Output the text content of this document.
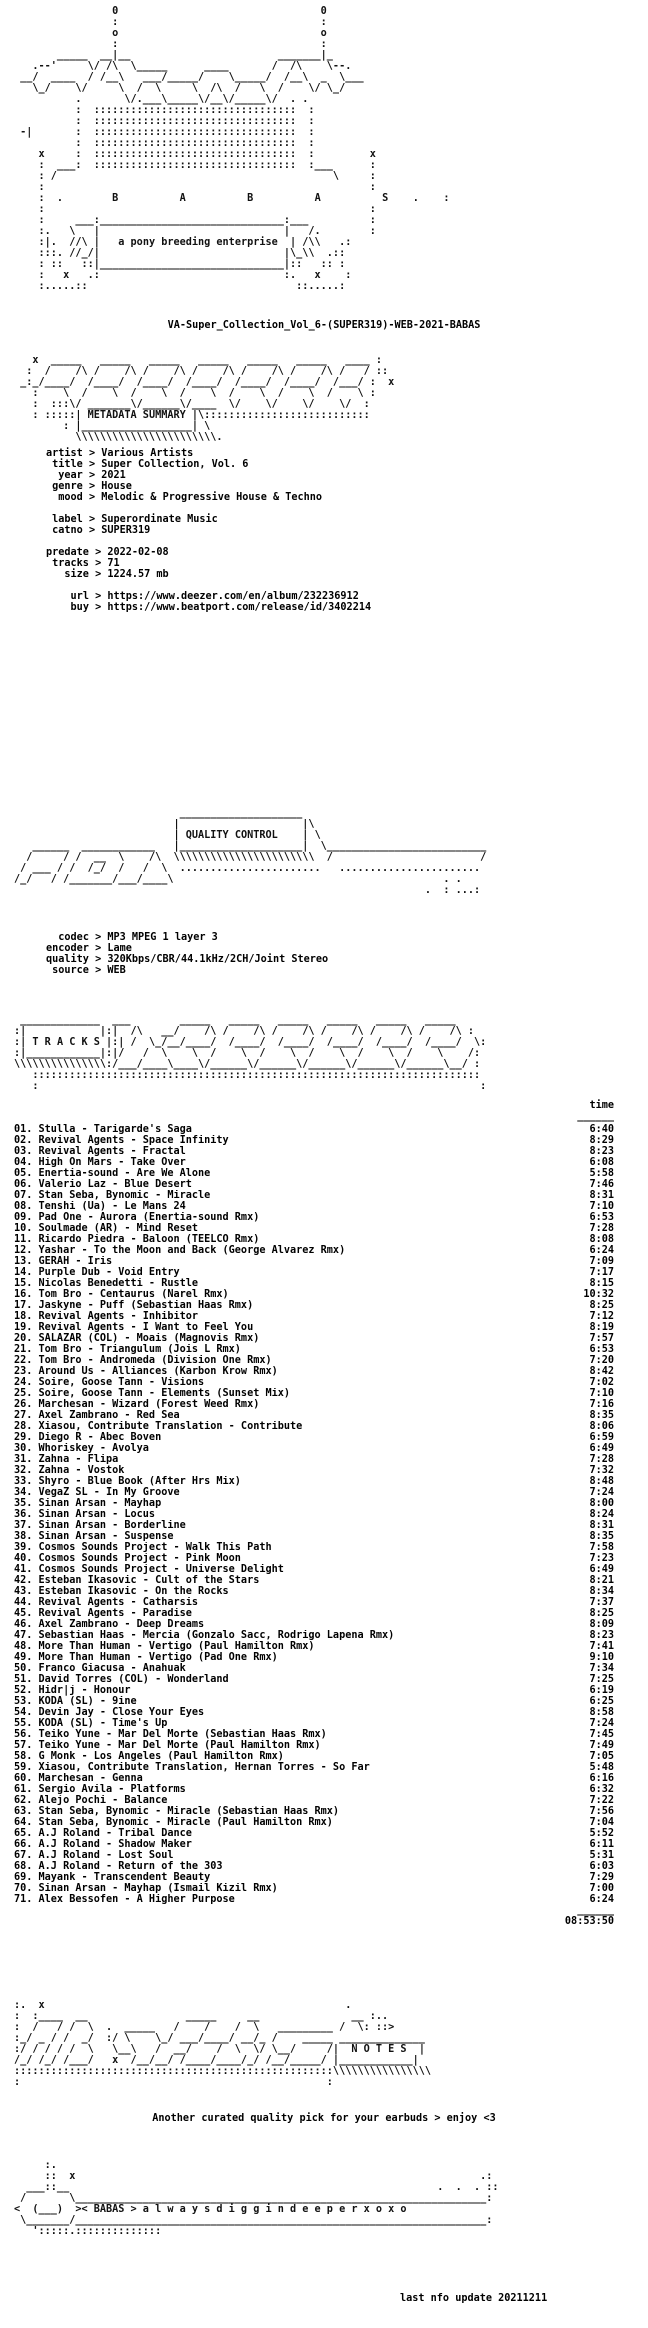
0                                 0
:                                 :
o                                 o
:                                 :
_____  __|__                        _______|_
.--'     \/ /\  \_____      ____       /  /\    \--.
__/  ____  / /__\   ___/_____/    \_____/  /__\  _  \___
\_/    \/     \  /  \     \  /\  /   \  /    \/ \_/
.       \/.___\_____\/__\/_____\/  . .
:  :::::::::::::::::::::::::::::::::  :
:  :::::::::::::::::::::::::::::::::  :
-|       :  :::::::::::::::::::::::::::::::::  :
:  :::::::::::::::::::::::::::::::::  :
x     :  :::::::::::::::::::::::::::::::::  :         x
:  ___:  :::::::::::::::::::::::::::::::::  :___      :
: /                                             \     :
:                                                     :
:  .	B	A	B	A	S    .    :
:                                                     :
:     ___:______________________________:___          :
:.   \   |                              |   /.        :
:|.  //\ |   a pony breeding enterprise  | /\\   .:
:::. //_/|                              |\_\\  .::
: ::   ::|______________________________|::   :: :
:   x   .:                              :.   x    :
:.....::                                  ::.....:
VA-Super_Collection_Vol_6-(SUPER319)-WEB-2021-BABAS
x  _____   _____   _____   _____   _____   _____   ____ :
:  /    /\ /    /\ /    /\ /    /\ /    /\ /    /\ /   / ::
_:_/____/  /____/  /____/  /____/  /____/  /____/  /___/ :  x
:    \  /    \  /    \  /    \  /    \  /    \  /    \ :
:  :::\/ _______\/______\/____  \/    \/    \/    \/  :
: :::::| METADATA SUMMARY |\:::::::::::::::::::::::::::
: |__________________| \
\\\\\\\\\\\\\\\\\\\\\\\.
artist > Various Artists
title > Super Collection, Vol. 6
year > 2021
genre > House
mood > Melodic & Progressive House & Techno

label > Superordinate Music
catno > SUPER319

predate > 2022-02-08
tracks > 71
size > 1224.57 mb

url > https://www.deezer.com/en/album/232236912
buy > https://www.beatport.com/release/id/3402214
____________________
|                    |\
| QUALITY CONTROL    | \
______  ____________   |____________________|  \__________________________
/     / /  __  \    /\  \\\\\\\\\\\\\\\\\\\\\\\  /                        /
/ ___ / /  /_/  /   /  \  .......................   .......................
/_/   / /_______/___/____\                                            . .
.  : ...:
codec > MP3 MPEG 1 layer 3
encoder > Lame
quality > 320Kbps/CBR/44.1kHz/2CH/Joint Stereo
source > WEB
_____________  ___        _____   _____   _____   _____   _____   _____
:|            |:|  /\   __/    /\ /    /\ /    /\ /    /\ /    /\ /    /\ :
:| T R A C K S |:| /  \_/__/____/  /____/  /____/  /____/  /____/  /____/  \:
:|____________|:|/   /  \    \  /    \  /    \  /    \  /    \  /    \    /:
\\\\\\\\\\\\\\\:/___/____\____\/______\/______\/______\/______\/______\__/ :
:::::::::::::::::::::::::::::::::::::::::::::::::::::::::::::::::::::::::
:                                                                        :
time
______
01. Stulla - Tarigarde's Saga	6:40
02. Revival Agents - Space Infinity	8:29
03. Revival Agents - Fractal	8:23
04. High On Mars - Take Over	6:08
05. Enertia-sound - Are We Alone	5:58
06. Valerio Laz - Blue Desert	7:46
07. Stan Seba, Bynomic - Miracle	8:31
08. Tenshi (Ua) - Le Mans 24	7:10
09. Pad One - Aurora (Enertia-sound Rmx)	6:53
10. Soulmade (AR) - Mind Reset	7:28
11. Ricardo Piedra - Baloon (TEELCO Rmx)	8:08
12. Yashar - To the Moon and Back (George Alvarez Rmx)	6:24
13. GERAH - Iris	7:09
14. Purple Dub - Void Entry	7:17
15. Nicolas Benedetti - Rustle	8:15
16. Tom Bro - Centaurus (Narel Rmx)	10:32
17. Jaskyne - Puff (Sebastian Haas Rmx)	8:25
18. Revival Agents - Inhibitor	7:12
19. Revival Agents - I Want to Feel You	8:19
20. SALAZAR (COL) - Moais (Magnovis Rmx)	7:57
21. Tom Bro - Triangulum (Jois L Rmx)	6:53
22. Tom Bro - Andromeda (Division One Rmx)	7:20
23. Around Us - Alliances (Karbon Krow Rmx)	8:42
24. Soire, Goose Tann - Visions	7:02
25. Soire, Goose Tann - Elements (Sunset Mix)	7:10
26. Marchesan - Wizard (Forest Weed Rmx)	7:16
27. Axel Zambrano - Red Sea	8:35
28. Xiasou, Contribute Translation - Contribute	8:06
29. Diego R - Abec Boven	6:59
30. Whoriskey - Avolya	6:49
31. Zahna - Flipa	7:28
32. Zahna - Vostok	7:32
33. Shyro - Blue Book (After Hrs Mix)	8:48
34. VegaZ SL - In My Groove	7:24
35. Sinan Arsan - Mayhap	8:00
36. Sinan Arsan - Locus	8:24
37. Sinan Arsan - Borderline	8:31
38. Sinan Arsan - Suspense	8:35
39. Cosmos Sounds Project - Walk This Path	7:58
40. Cosmos Sounds Project - Pink Moon	7:23
41. Cosmos Sounds Project - Universe Delight	6:49
42. Esteban Ikasovic - Cult of the Stars	8:21
43. Esteban Ikasovic - On the Rocks	8:34
44. Revival Agents - Catharsis	7:37
45. Revival Agents - Paradise	8:25
46. Axel Zambrano - Deep Dreams	8:09
47. Sebastian Haas - Mercia (Gonzalo Sacc, Rodrigo Lapena Rmx)	8:23
48. More Than Human - Vertigo (Paul Hamilton Rmx)	7:41
49. More Than Human - Vertigo (Pad One Rmx)	9:10
50. Franco Giacusa - Anahuak	7:34
51. David Torres (COL) - Wonderland	7:25
52. Hidr|j - Honour	6:19
53. KODA (SL) - 9ine	6:25
54. Devin Jay - Close Your Eyes	8:58
55. KODA (SL) - Time's Up	7:24
56. Teiko Yune - Mar Del Morte (Sebastian Haas Rmx)	7:45
57. Teiko Yune - Mar Del Morte (Paul Hamilton Rmx)	7:49
58. G Monk - Los Angeles (Paul Hamilton Rmx)	7:05
59. Xiasou, Contribute Translation, Hernan Torres - So Far	5:48
60. Marchesan - Genna	6:16
61. Sergio Avila - Platforms	6:32
62. Alejo Pochi - Balance	7:22
63. Stan Seba, Bynomic - Miracle (Sebastian Haas Rmx)	7:56
64. Stan Seba, Bynomic - Miracle (Paul Hamilton Rmx)	7:04
65. A.J Roland - Tribal Dance	5:52
66. A.J Roland - Shadow Maker	6:11
67. A.J Roland - Lost Soul	5:31
68. A.J Roland - Return of the 303	6:03
69. Mayank - Transcendent Beauty	7:29
70. Sinan Arsan - Mayhap (Ismail Kizil Rmx)	7:00
71. Alex Bessofen - A Higher Purpose	6:24
______
08:53:50
:.  x                                                 .
:  :____  __                _____     __               __ :..
:  /   / /  \  .  _____   /    /    /  \   _________ /  \: ::>
:_/ _ / /  _/  :/ \    \_/ ___/____/ __/_ /    _____ ______________
:/ / / / /  \   \__\   /  __/    /  \  \/ \__/     /|  N O T E S  |
/_/ /_/ /___/   x  /__/__/ /____/____/_/ /__/_____/ |____________|
::::::::::::::::::::::::::::::::::::::::::::::::::::\\\\\\\\\\\\\\\\
:                                                  :
Another curated quality pick for your earbuds > enjoy <3
:.
::  x                                                                  .:
___::__                                                            .  .  . ::
/       \___________________________________________________________________:
<  (___)  >< BABAS > a l w a y s d i g g i n d e e p e r x o x o
\_______/___________________________________________________________________:
':::::.::::::::::::::
last nfo update 20211211
